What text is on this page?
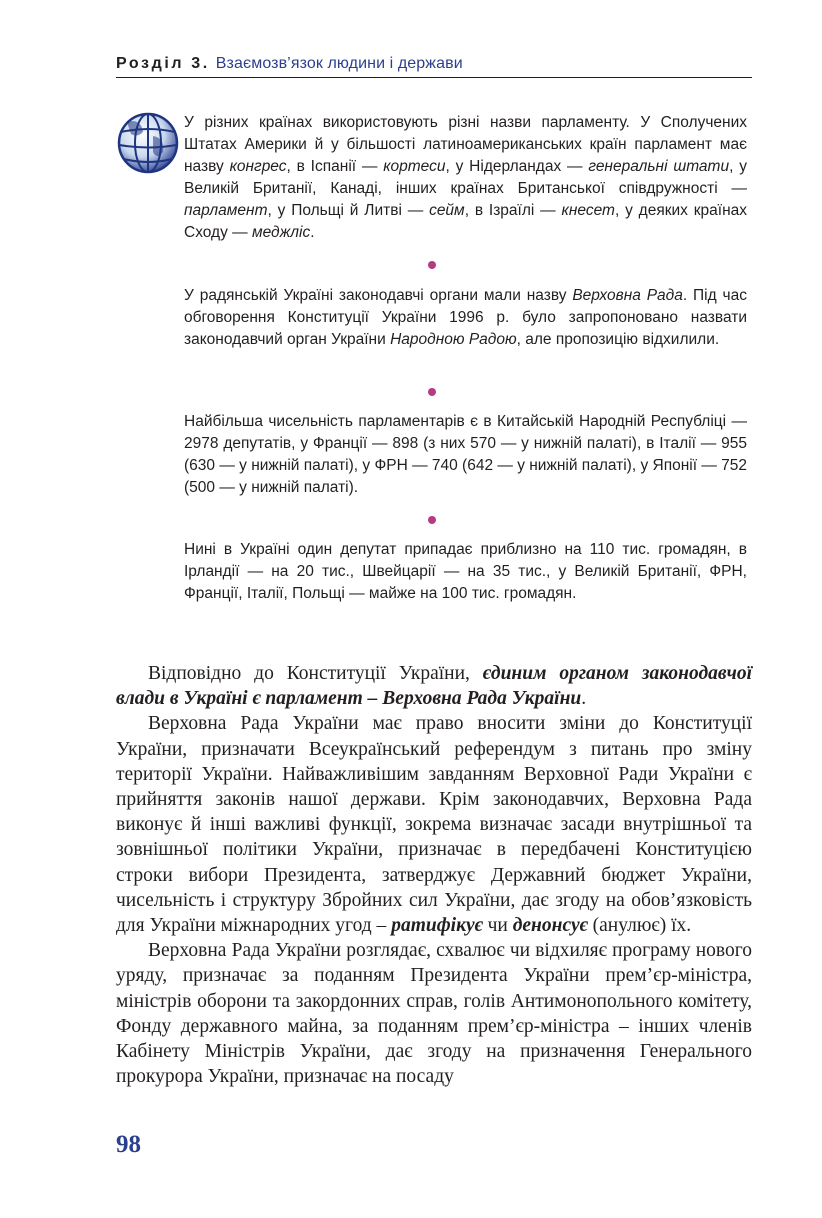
Розділ 3. Взаємозв’язок людини і держави

У різних країнах використовують різні назви парламенту. У Сполучених Штатах Америки й у більшості латиноамериканських країн парламент має назву конгрес, в Іспанії — кортеси, у Нідерландах — генеральні штати, у Великій Британії, Канаді, інших країнах Британської співдружності — парламент, у Польщі й Литві — сейм, в Ізраїлі — кнесет, у деяких країнах Сходу — меджліс.

У радянській Україні законодавчі органи мали назву Верховна Рада. Під час обговорення Конституції України 1996 р. було запропоновано назвати законодавчий орган України Народною Радою, але пропозицію відхилили.

Найбільша чисельність парламентарів є в Китайській Народній Республіці — 2978 депутатів, у Франції — 898 (з них 570 — у нижній палаті), в Італії — 955 (630 — у нижній палаті), у ФРН — 740 (642 — у нижній палаті), у Японії — 752 (500 — у нижній палаті).

Нині в Україні один депутат припадає приблизно на 110 тис. громадян, в Ірландії — на 20 тис., Швейцарії — на 35 тис., у Великій Британії, ФРН, Франції, Італії, Польщі — майже на 100 тис. громадян.

Відповідно до Конституції України, єдиним органом законодавчої влади в Україні є парламент – Верховна Рада України.

Верховна Рада України має право вносити зміни до Конституції України, призначати Всеукраїнський референдум з питань про зміну території України. Найважливішим завданням Верховної Ради України є прийняття законів нашої держави. Крім законодавчих, Верховна Рада виконує й інші важливі функції, зокрема визначає засади внутрішньої та зовнішньої політики України, призначає в передбачені Конституцією строки вибори Президента, затверджує Державний бюджет України, чисельність і структуру Збройних сил України, дає згоду на обов’язковість для України міжнародних угод – ратифікує чи денонсує (анулює) їх.

Верховна Рада України розглядає, схвалює чи відхиляє програму нового уряду, призначає за поданням Президента України прем’єр-міністра, міністрів оборони та закордонних справ, голів Антимонопольного комітету, Фонду державного майна, за поданням прем’єр-міністра – інших членів Кабінету Міністрів України, дає згоду на призначення Генерального прокурора України, призначає на посаду

98
